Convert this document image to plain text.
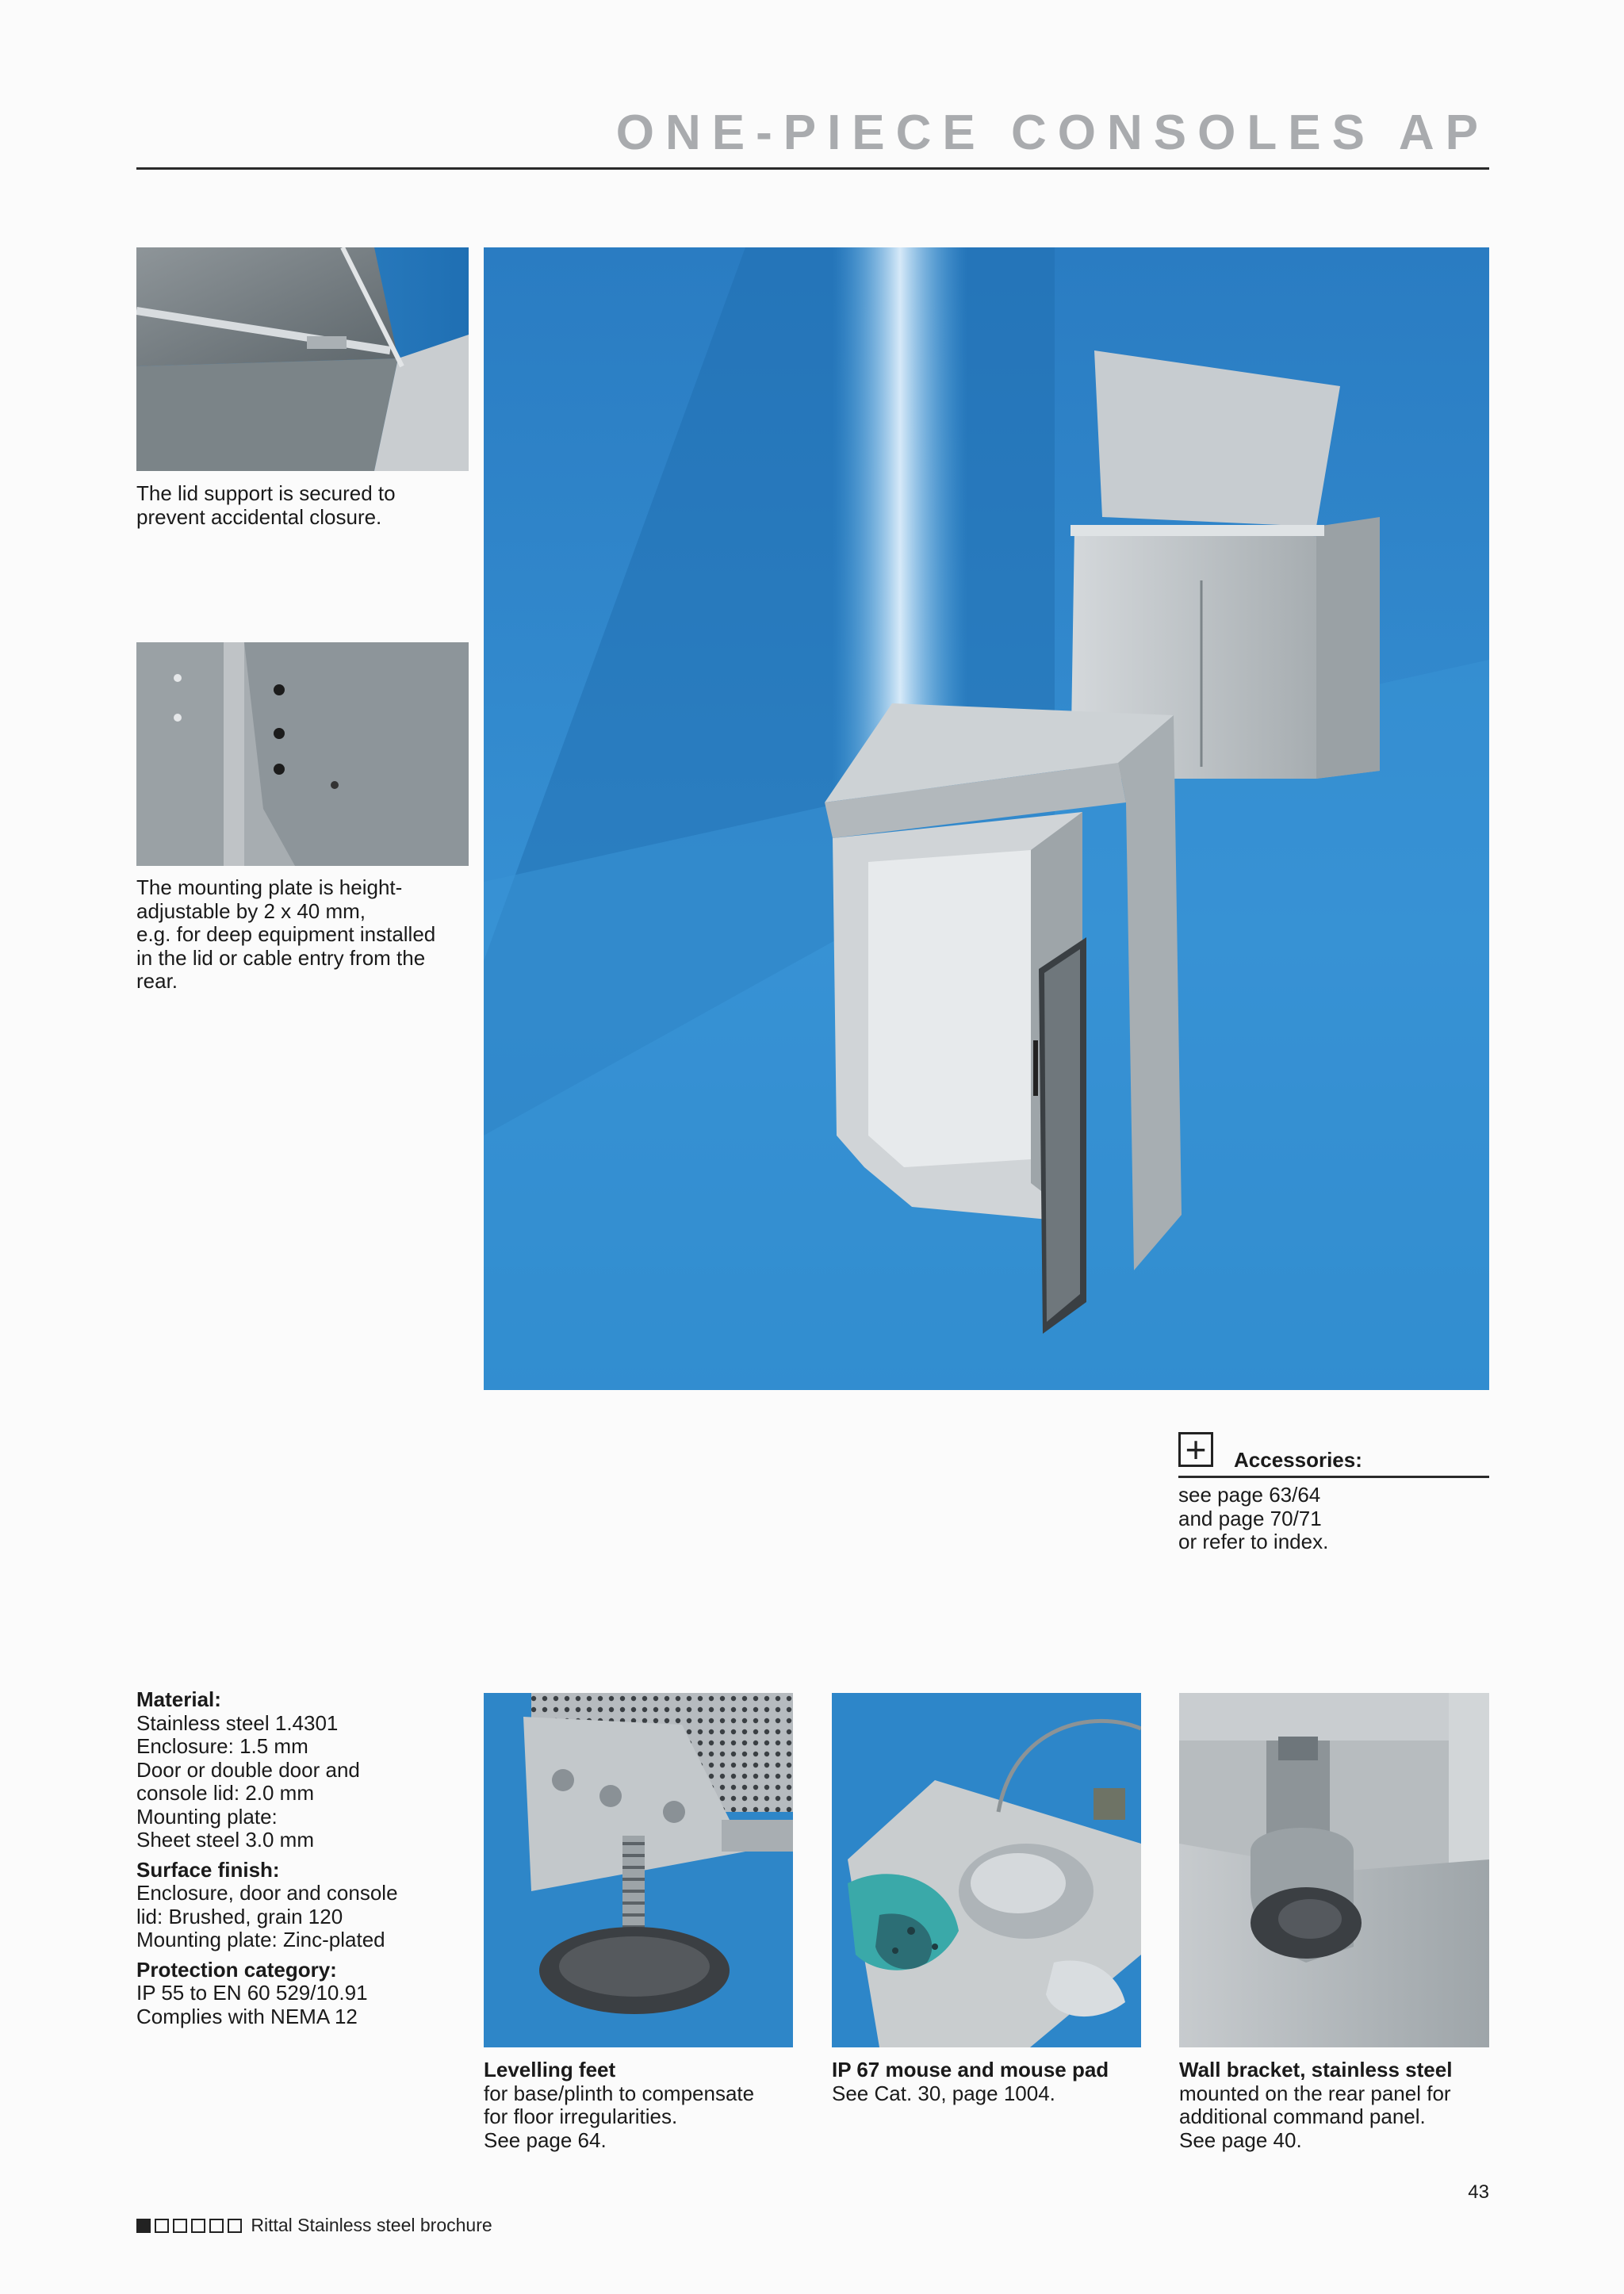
ONE-PIECE CONSOLES AP

The lid support is secured to

prevent accidental closure.

The mounting plate is height-

adjustable by 2 x 40 mm,

e.g. for deep equipment installed

in the lid or cable entry from the

rear.

+	Accessories:

see page 63/64

and page 70/71

or refer to index.

Material:
Stainless steel 1.4301
Enclosure: 1.5 mm
Door or double door and
console lid: 2.0 mm
Mounting plate:
Sheet steel 3.0 mm

Surface finish:
Enclosure, door and console
lid: Brushed, grain 120
Mounting plate: Zinc-plated

Protection category:
IP 55 to EN 60 529/10.91
Complies with NEMA 12

Levelling feet

for base/plinth to compensate

for floor irregularities.

See page 64.

IP 67 mouse and mouse pad

See Cat. 30, page 1004.

Wall bracket, stainless steel

mounted on the rear panel for

additional command panel.

See page 40.

43
Rittal Stainless steel brochure
